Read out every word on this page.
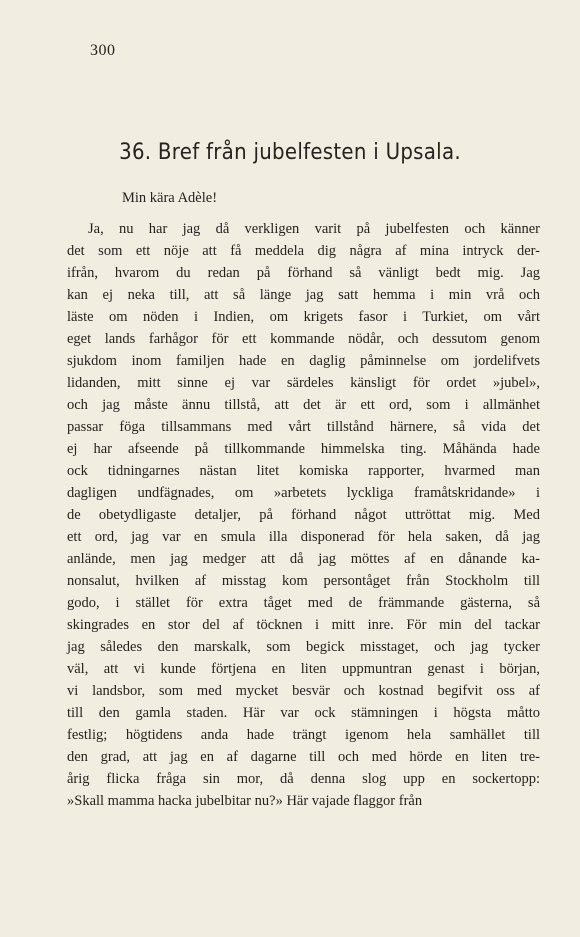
300
36. Bref från jubelfesten i Upsala.
Min kära Adèle!
Ja, nu har jag då verkligen varit på jubelfesten och känner
det som ett nöje att få meddela dig några af mina intryck der-
ifrån, hvarom du redan på förhand så vänligt bedt mig. Jag
kan ej neka till, att så länge jag satt hemma i min vrå och
läste om nöden i Indien, om krigets fasor i Turkiet, om vårt
eget lands farhågor för ett kommande nödår, och dessutom genom
sjukdom inom familjen hade en daglig påminnelse om jordelifvets
lidanden, mitt sinne ej var särdeles känsligt för ordet »jubel»,
och jag måste ännu tillstå, att det är ett ord, som i allmänhet
passar föga tillsammans med vårt tillstånd härnere, så vida det
ej har afseende på tillkommande himmelska ting. Måhända hade
ock tidningarnes nästan litet komiska rapporter, hvarmed man
dagligen undfägnades, om »arbetets lyckliga framåtskridande» i
de obetydligaste detaljer, på förhand något uttröttat mig. Med
ett ord, jag var en smula illa disponerad för hela saken, då jag
anlände, men jag medger att då jag möttes af en dånande ka-
nonsalut, hvilken af misstag kom persontåget från Stockholm till
godo, i stället för extra tåget med de främmande gästerna, så
skingrades en stor del af töcknen i mitt inre. För min del tackar
jag således den marskalk, som begick misstaget, och jag tycker
väl, att vi kunde förtjena en liten uppmuntran genast i början,
vi landsbor, som med mycket besvär och kostnad begifvit oss af
till den gamla staden. Här var ock stämningen i högsta måtto
festlig; högtidens anda hade trängt igenom hela samhället till
den grad, att jag en af dagarne till och med hörde en liten tre-
årig flicka fråga sin mor, då denna slog upp en sockertopp:
»Skall mamma hacka jubelbitar nu?» Här vajade flaggor från
